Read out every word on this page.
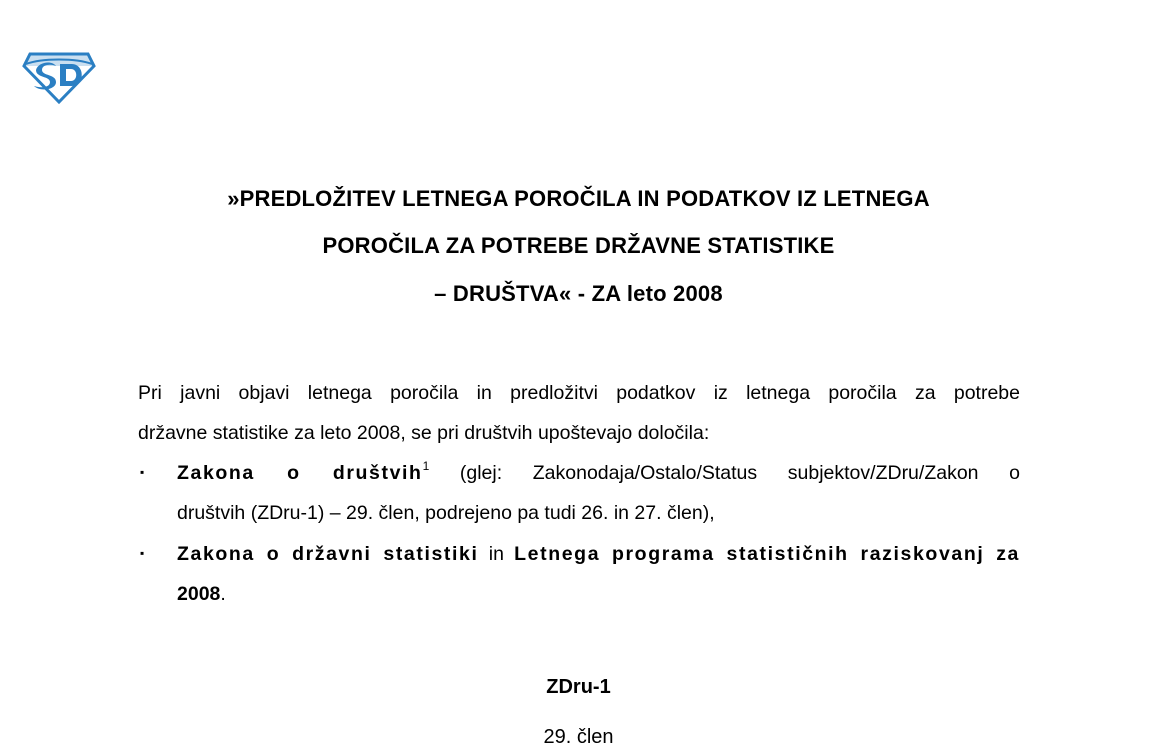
»PREDLOŽITEV LETNEGA POROČILA IN PODATKOV IZ LETNEGA
POROČILA ZA POTREBE DRŽAVNE STATISTIKE
– DRUŠTVA« - ZA leto 2008
Pri javni objavi letnega poročila in predložitvi podatkov iz letnega poročila za potrebe
državne statistike za leto 2008, se pri društvih upoštevajo določila:
▪ Zakona o društvih$^1$ (glej: Zakonodaja/Ostalo/Status subjektov/ZDru/Zakon o
društvih (ZDru-1) – 29. člen, podrejeno pa tudi 26. in 27. člen),
▪ Zakona o državni statistiki in Letnega programa statističnih raziskovanj za
2008.
ZDru-1
29. člen
